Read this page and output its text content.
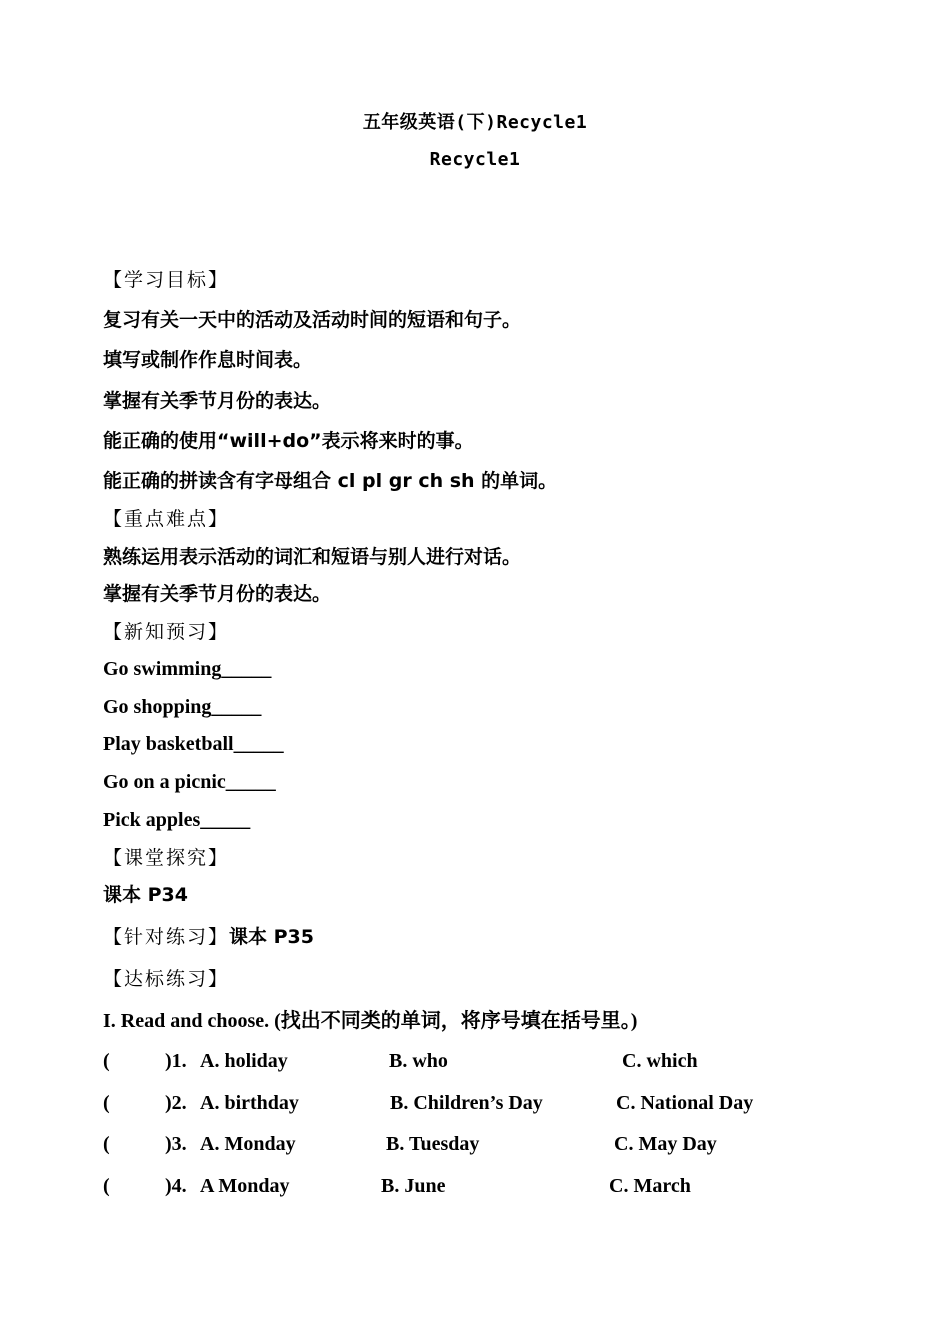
五年级英语(下)Recycle1
Recycle1
【学习目标】
复习有关一天中的活动及活动时间的短语和句子。
填写或制作作息时间表。
掌握有关季节月份的表达。
能正确的使用“will+do”表示将来时的事。
能正确的拼读含有字母组合 cl pl gr ch sh 的单词。
【重点难点】
熟练运用表示活动的词汇和短语与别人进行对话。
掌握有关季节月份的表达。
【新知预习】
Go swimming_____
Go shopping_____
Play basketball_____
Go on a picnic_____
Pick apples_____
【课堂探究】
课本 P34
【针对练习】课本 P35
【达标练习】
I. Read and choose. (找出不同类的单词，将序号填在括号里。)
(	)1. A. holiday	B. who	C. which
(	)2. A. birthday	B. Children’s Day	C. National Day
(	)3. A. Monday	B. Tuesday	C. May Day
(	)4. A Monday	B. June	C. March
